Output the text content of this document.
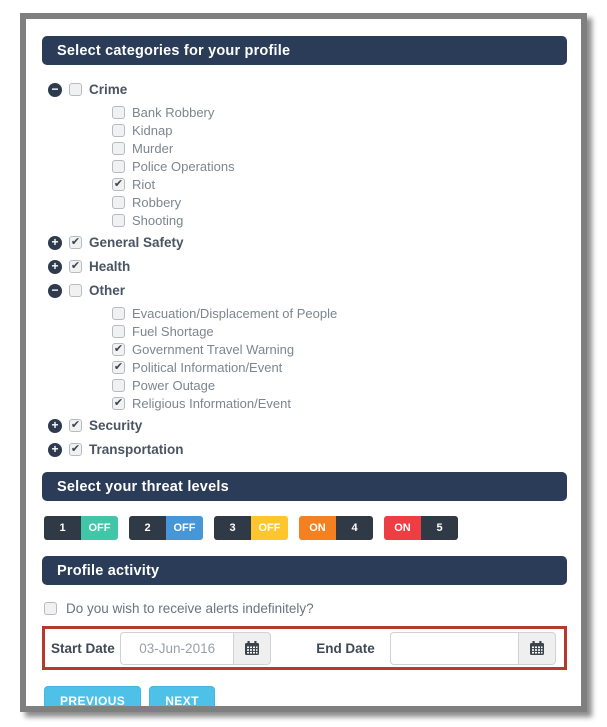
Select categories for your profile
− Crime
Bank Robbery
Kidnap
Murder
Police Operations
✔ Riot
Robbery
Shooting
+ ✔ General Safety
+ ✔ Health
− Other
Evacuation/Displacement of People
Fuel Shortage
✔ Government Travel Warning
✔ Political Information/Event
Power Outage
✔ Religious Information/Event
+ ✔ Security
+ ✔ Transportation
Select your threat levels
1	OFF	2	OFF	3	OFF	ON	4	ON	5
Profile activity
Do you wish to receive alerts indefinitely?
Start Date
03-Jun-2016	End Date
PREVIOUS	NEXT
